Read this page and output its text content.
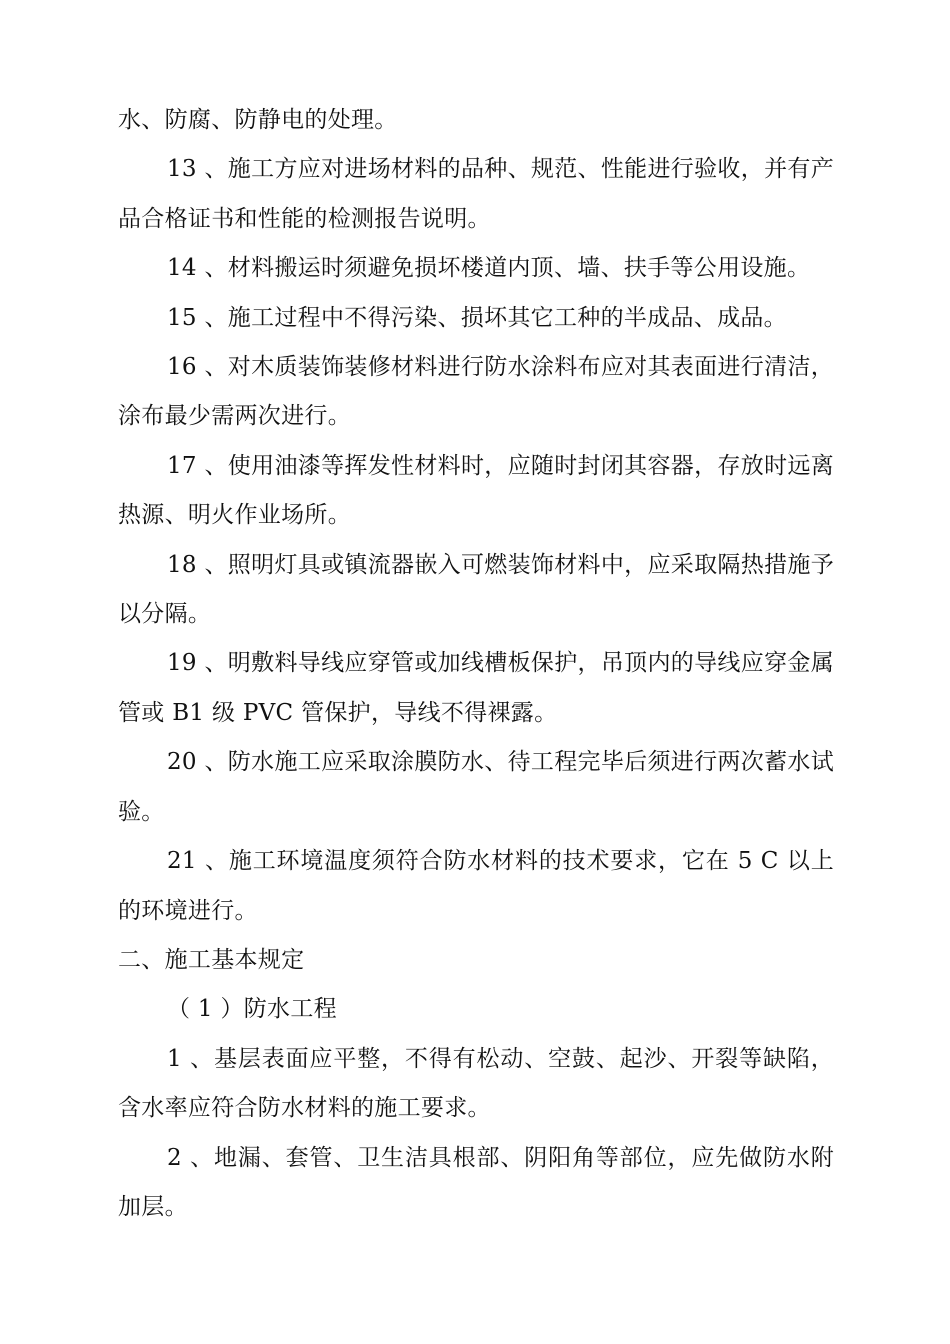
水、防腐、防静电的处理。

13 、施工方应对进场材料的品种、规范、性能进行验收，并有产品合格证书和性能的检测报告说明。

14 、材料搬运时须避免损坏楼道内顶、墙、扶手等公用设施。

15 、施工过程中不得污染、损坏其它工种的半成品、成品。

16 、对木质装饰装修材料进行防水涂料布应对其表面进行清洁，涂布最少需两次进行。

17 、使用油漆等挥发性材料时，应随时封闭其容器，存放时远离热源、明火作业场所。

18 、照明灯具或镇流器嵌入可燃装饰材料中，应采取隔热措施予以分隔。

19 、明敷料导线应穿管或加线槽板保护，吊顶内的导线应穿金属管或 B1 级 PVC 管保护，导线不得裸露。

20 、防水施工应采取涂膜防水、待工程完毕后须进行两次蓄水试验。

21 、施工环境温度须符合防水材料的技术要求，它在 5 C 以上的环境进行。

二、施工基本规定

（ 1 ）防水工程

1 、基层表面应平整，不得有松动、空鼓、起沙、开裂等缺陷，含水率应符合防水材料的施工要求。

2 、地漏、套管、卫生洁具根部、阴阳角等部位，应先做防水附加层。
